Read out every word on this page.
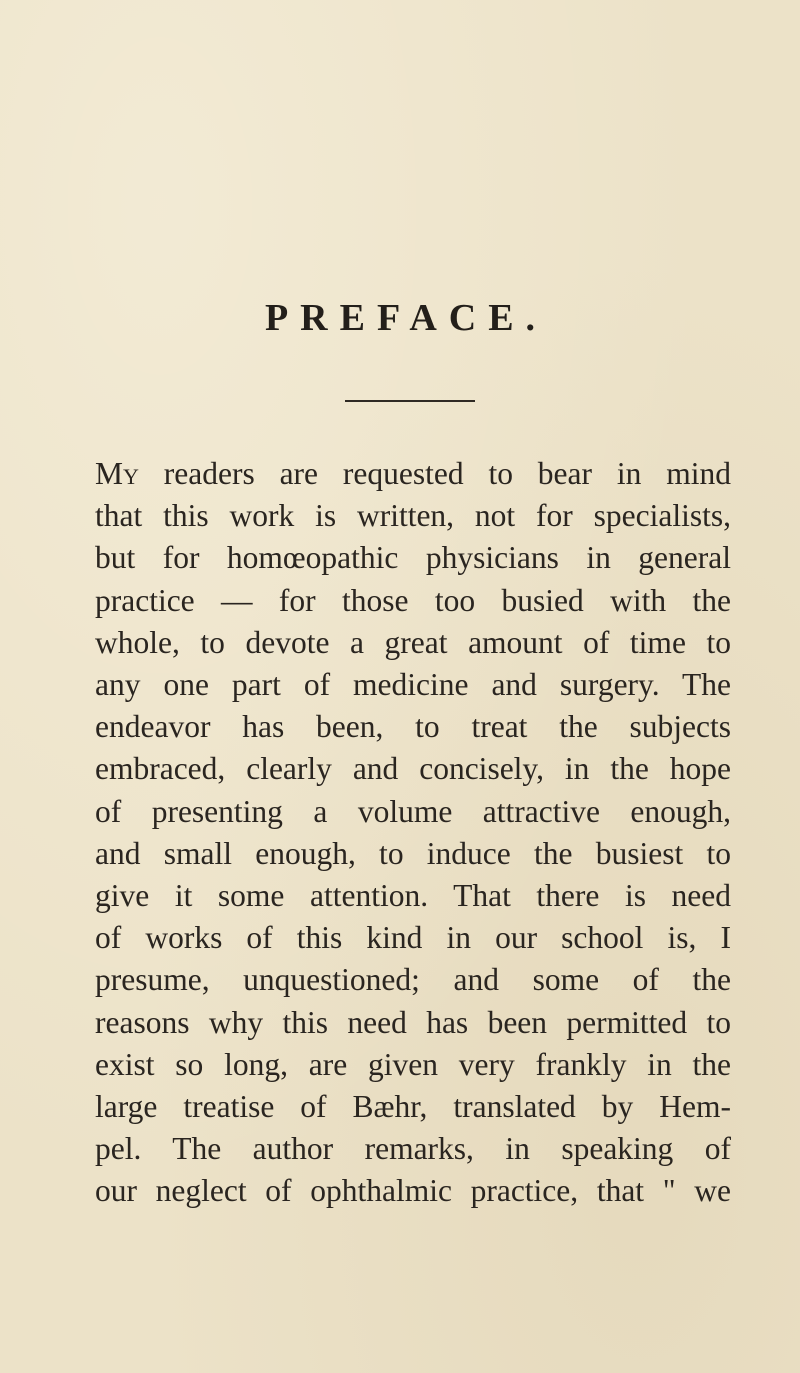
PREFACE.
My readers are requested to bear in mind
that this work is written, not for specialists,
but for homœopathic physicians in general
practice — for those too busied with the
whole, to devote a great amount of time to
any one part of medicine and surgery. The
endeavor has been, to treat the subjects
embraced, clearly and concisely, in the hope
of presenting a volume attractive enough,
and small enough, to induce the busiest to
give it some attention. That there is need
of works of this kind in our school is, I
presume, unquestioned; and some of the
reasons why this need has been permitted to
exist so long, are given very frankly in the
large treatise of Bæhr, translated by Hem-
pel. The author remarks, in speaking of
our neglect of ophthalmic practice, that " we
